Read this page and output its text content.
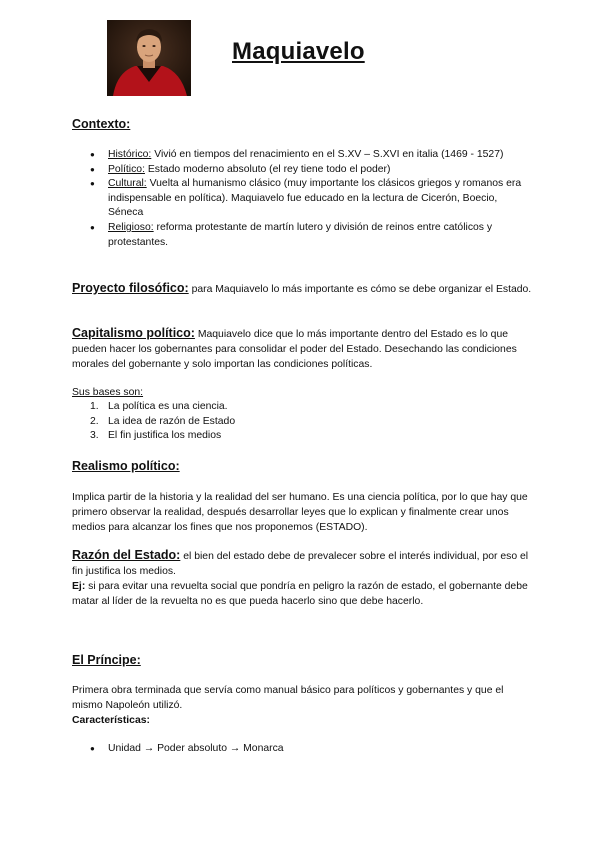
Maquiavelo
Contexto:
● Histórico: Vivió en tiempos del renacimiento en el S.XV – S.XVI en italia (1469 - 1527)
● Político: Estado moderno absoluto (el rey tiene todo el poder)
● Cultural: Vuelta al humanismo clásico (muy importante los clásicos griegos y romanos era indispensable en política). Maquiavelo fue educado en la lectura de Cicerón, Boecio, Séneca
● Religioso: reforma protestante de martín lutero y división de reinos entre católicos y protestantes.
Proyecto filosófico: para Maquiavelo lo más importante es cómo se debe organizar el Estado.
Capitalismo político: Maquiavelo dice que lo más importante dentro del Estado es lo que pueden hacer los gobernantes para consolidar el poder del Estado. Desechando las condiciones morales del gobernante y solo importan las condiciones políticas.
Sus bases son:
1. La política es una ciencia.
2. La idea de razón de Estado
3. El fin justifica los medios
Realismo político:
Implica partir de la historia y la realidad del ser humano. Es una ciencia política, por lo que hay que primero observar la realidad, después desarrollar leyes que lo explican y finalmente crear unos medios para alcanzar los fines que nos proponemos (ESTADO).
Razón del Estado: el bien del estado debe de prevalecer sobre el interés individual, por eso el fin justifica los medios.
Ej: si para evitar una revuelta social que pondría en peligro la razón de estado, el gobernante debe matar al líder de la revuelta no es que pueda hacerlo sino que debe hacerlo.
El Príncipe:
Primera obra terminada que servía como manual básico para políticos y gobernantes y que el mismo Napoleón utilizó.
Características:
● Unidad → Poder absoluto → Monarca
